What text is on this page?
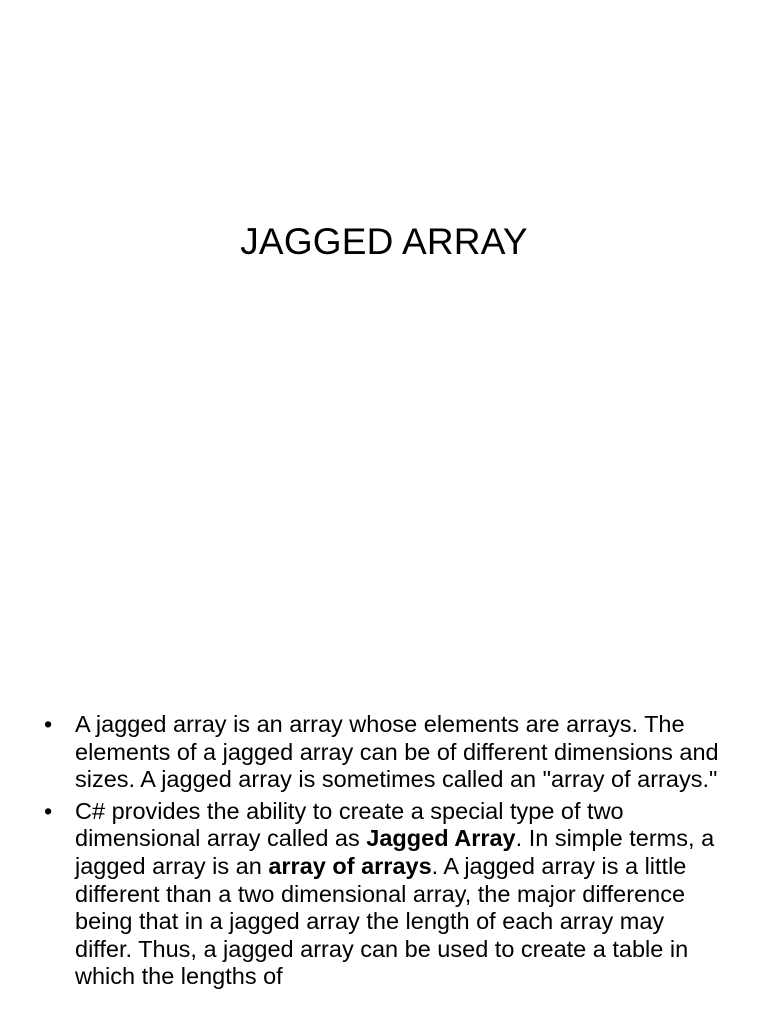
JAGGED ARRAY
• A jagged array is an array whose elements are arrays. The elements of a jagged array can be of different dimensions and sizes. A jagged array is sometimes called an "array of arrays."
• C# provides the ability to create a special type of two dimensional array called as Jagged Array. In simple terms, a jagged array is an array of arrays. A jagged array is a little different than a two dimensional array, the major difference being that in a jagged array the length of each array may differ. Thus, a jagged array can be used to create a table in which the lengths of
